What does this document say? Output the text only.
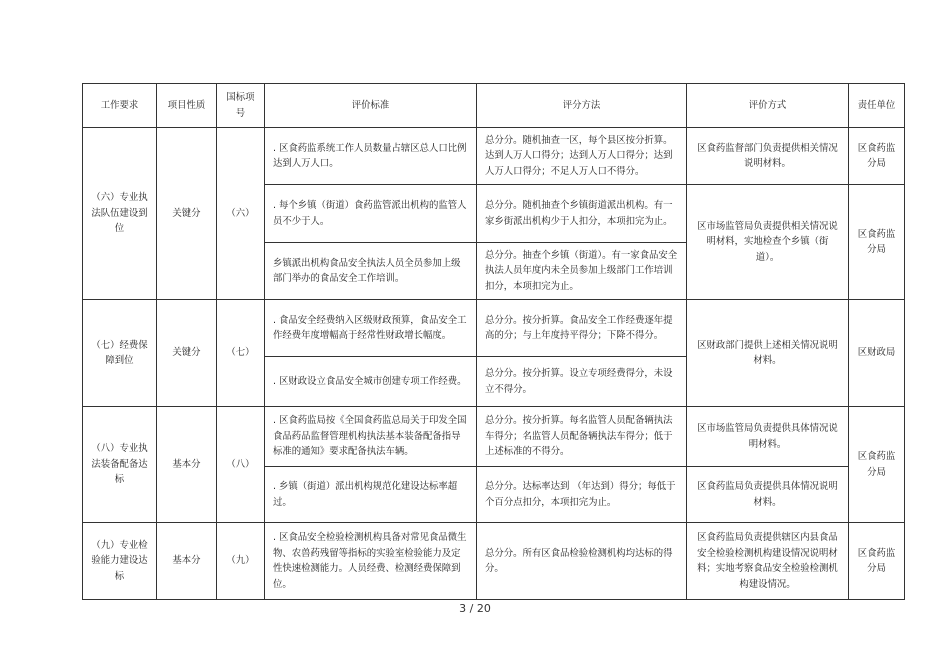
工作要求	项目性质	国标项号	评价标准	评分方法	评价方式	责任单位
（六）专业执法队伍建设到位	关键分	（六）	. 区食药监系统工作人员数量占辖区总人口比例达到人万人口。	总分分。随机抽查一区，每个县区按分折算。达到人万人口得分；达到人万人口得分；达到人万人口得分；不足人万人口不得分。	区食药监督部门负责提供相关情况说明材料。	区食药监分局
			. 每个乡镇（街道）食药监管派出机构的监管人员不少于人。	总分分。随机抽查个乡镇街道派出机构。有一家乡街派出机构少于人扣分，本项扣完为止。	区市场监管局负责提供相关情况说明材料，实地检查个乡镇（街道）。	区食药监分局
			乡镇派出机构食品安全执法人员全员参加上级部门举办的食品安全工作培训。	总分分。抽查个乡镇（街道）。有一家食品安全执法人员年度内未全员参加上级部门工作培训扣分，本项扣完为止。		
（七）经费保障到位	关键分	（七）	. 食品安全经费纳入区级财政预算，食品安全工作经费年度增幅高于经常性财政增长幅度。	总分分。按分折算。食品安全工作经费逐年提高的分；与上年度持平得分；下降不得分。	区财政部门提供上述相关情况说明材料。	区财政局
			. 区财政设立食品安全城市创建专项工作经费。	总分分。按分折算。设立专项经费得分，未设立不得分。		
（八）专业执法装备配备达标	基本分	（八）	. 区食药监局按《全国食药监总局关于印发全国食品药品监督管理机构执法基本装备配备指导标准的通知》要求配备执法车辆。	总分分。按分折算。每名监管人员配备辆执法车得分；名监管人员配备辆执法车得分；低于上述标准的不得分。	区市场监管局负责提供具体情况说明材料。	区食药监分局
			. 乡镇（街道）派出机构规范化建设达标率超过。	总分分。达标率达到 （年达到）得分；每低于个百分点扣分，本项扣完为止。	区食药监局负责提供具体情况说明材料。	
（九）专业检验能力建设达标	基本分	（九）	. 区食品安全检验检测机构具备对常见食品微生物、农兽药残留等指标的实验室检验能力及定性快速检测能力。人员经费、检测经费保障到位。	总分分。所有区食品检验检测机构均达标的得分。	区食药监局负责提供辖区内县食品安全检验检测机构建设情况说明材料；实地考察食品安全检验检测机构建设情况。	区食药监分局
3 / 20
